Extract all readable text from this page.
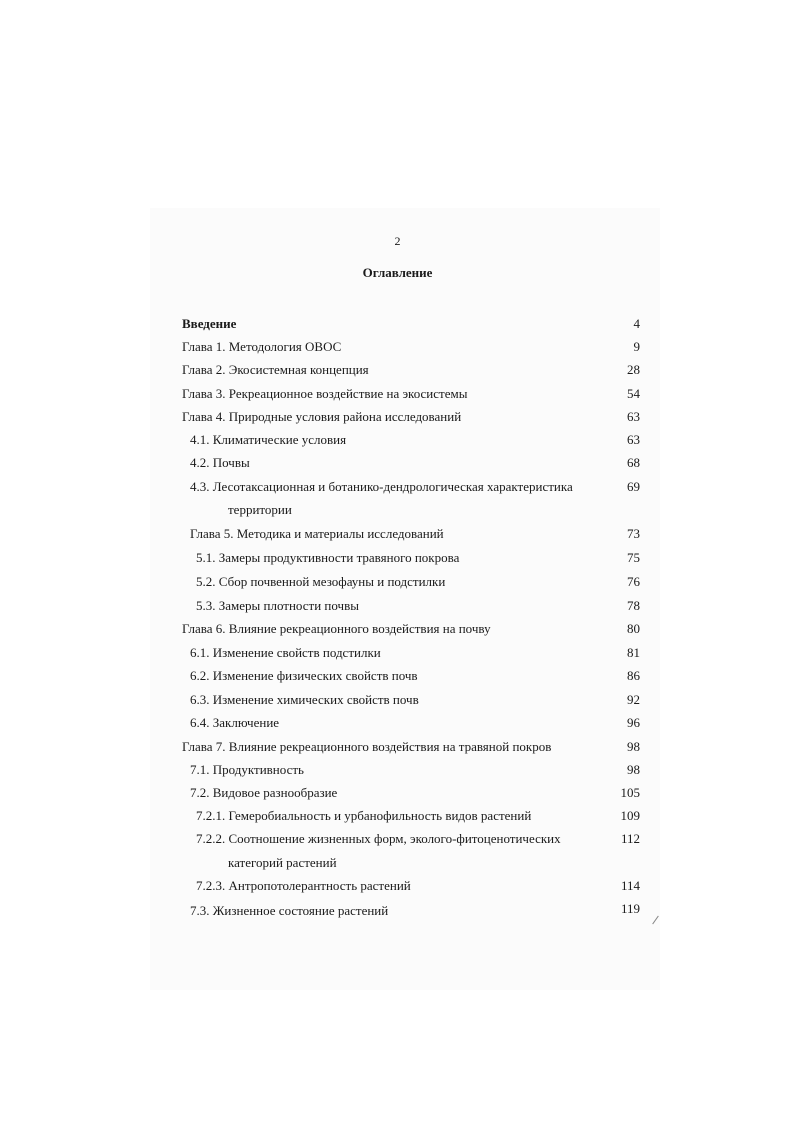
2
Оглавление
Введение	4
Глава 1. Методология ОВОС	9
Глава 2. Экосистемная концепция	28
Глава 3. Рекреационное воздействие на экосистемы	54
Глава 4. Природные условия района исследований	63
4.1. Климатические условия	63
4.2. Почвы	68
4.3. Лесотаксационная и ботанико-дендрологическая характеристика	69
территории
Глава 5. Методика и материалы исследований	73
5.1. Замеры продуктивности травяного покрова	75
5.2. Сбор почвенной мезофауны и подстилки	76
5.3. Замеры плотности почвы	78
Глава 6. Влияние рекреационного воздействия на почву	80
6.1. Изменение свойств подстилки	81
6.2. Изменение физических свойств почв	86
6.3. Изменение химических свойств почв	92
6.4. Заключение	96
Глава 7. Влияние рекреационного воздействия на травяной покров	98
7.1. Продуктивность	98
7.2. Видовое разнообразие	105
7.2.1. Гемеробиальность и урбанофильность видов растений	109
7.2.2. Соотношение жизненных форм, эколого-фитоценотических	112
категорий растений
7.2.3. Антропотолерантность растений	114
7.3. Жизненное состояние растений	119
